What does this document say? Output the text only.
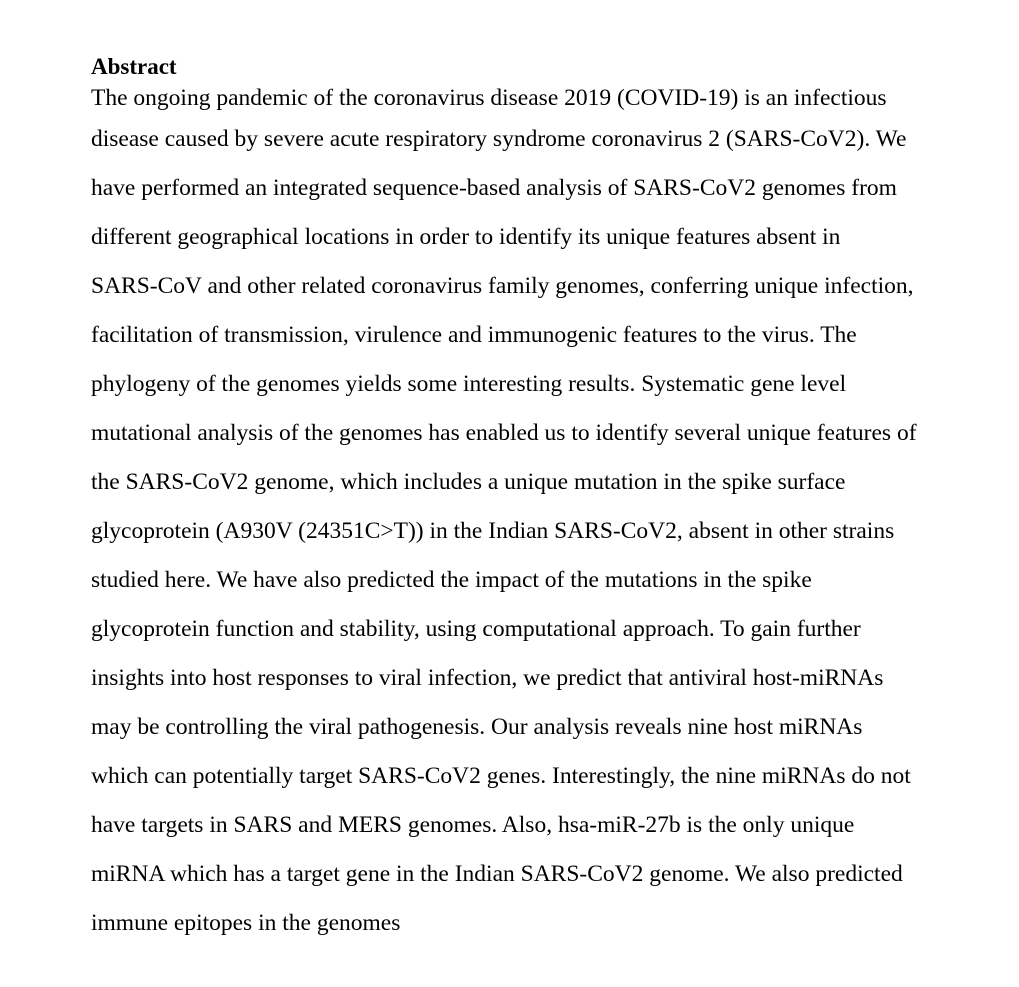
Abstract
The ongoing pandemic of the coronavirus disease 2019 (COVID-19) is an infectious
disease caused by severe acute respiratory syndrome coronavirus 2 (SARS-CoV2). We
have performed an integrated sequence-based analysis of SARS-CoV2 genomes from
different geographical locations in order to identify its unique features absent in
SARS-CoV and other related coronavirus family genomes, conferring unique infection,
facilitation of transmission, virulence and immunogenic features to the virus. The
phylogeny of the genomes yields some interesting results. Systematic gene level
mutational analysis of the genomes has enabled us to identify several unique features of
the SARS-CoV2 genome, which includes a unique mutation in the spike surface
glycoprotein (A930V (24351C>T)) in the Indian SARS-CoV2, absent in other strains
studied here. We have also predicted the impact of the mutations in the spike
glycoprotein function and stability, using computational approach. To gain further
insights into host responses to viral infection, we predict that antiviral host-miRNAs
may be controlling the viral pathogenesis. Our analysis reveals nine host miRNAs
which can potentially target SARS-CoV2 genes. Interestingly, the nine miRNAs do not
have targets in SARS and MERS genomes. Also, hsa-miR-27b is the only unique
miRNA which has a target gene in the Indian SARS-CoV2 genome. We also predicted
immune epitopes in the genomes
